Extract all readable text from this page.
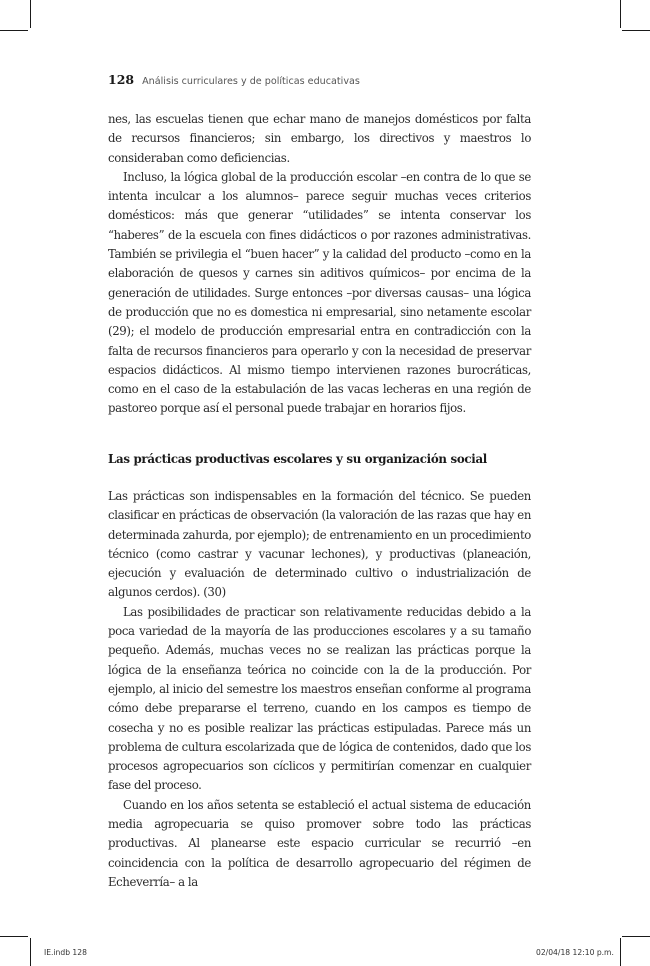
128 Análisis curriculares y de políticas educativas

nes, las escuelas tienen que echar mano de manejos domésticos por falta de recursos financieros; sin embargo, los directivos y maestros lo consideraban como deficiencias.

Incluso, la lógica global de la producción escolar –en contra de lo que se intenta inculcar a los alumnos– parece seguir muchas veces criterios domésticos: más que generar “utilidades” se intenta conservar los “haberes” de la escuela con fines didácticos o por razones administrativas. También se privilegia el “buen hacer” y la calidad del producto –como en la elaboración de quesos y carnes sin aditivos químicos– por encima de la generación de utilidades. Surge entonces –por diversas causas– una lógica de producción que no es domestica ni empresarial, sino netamente escolar (29); el modelo de producción empresarial entra en contradicción con la falta de recursos financieros para operarlo y con la necesidad de preservar espacios didácticos. Al mismo tiempo intervienen razones burocráticas, como en el caso de la estabulación de las vacas lecheras en una región de pastoreo porque así el personal puede trabajar en horarios fijos.

Las prácticas productivas escolares y su organización social

Las prácticas son indispensables en la formación del técnico. Se pueden clasificar en prácticas de observación (la valoración de las razas que hay en determinada zahurda, por ejemplo); de entrenamiento en un procedimiento técnico (como castrar y vacunar lechones), y productivas (planeación, ejecución y evaluación de determinado cultivo o industrialización de algunos cerdos). (30)

Las posibilidades de practicar son relativamente reducidas debido a la poca variedad de la mayoría de las producciones escolares y a su tamaño pequeño. Además, muchas veces no se realizan las prácticas porque la lógica de la enseñanza teórica no coincide con la de la producción. Por ejemplo, al inicio del semestre los maestros enseñan conforme al programa cómo debe prepararse el terreno, cuando en los campos es tiempo de cosecha y no es posible realizar las prácticas estipuladas. Parece más un problema de cultura escolarizada que de lógica de contenidos, dado que los procesos agropecuarios son cíclicos y permitirían comenzar en cualquier fase del proceso.

Cuando en los años setenta se estableció el actual sistema de educación media agropecuaria se quiso promover sobre todo las prácticas productivas. Al planearse este espacio curricular se recurrió –en coincidencia con la política de desarrollo agropecuario del régimen de Echeverría– a la

IE.indb 128	02/04/18 12:10 p.m.
